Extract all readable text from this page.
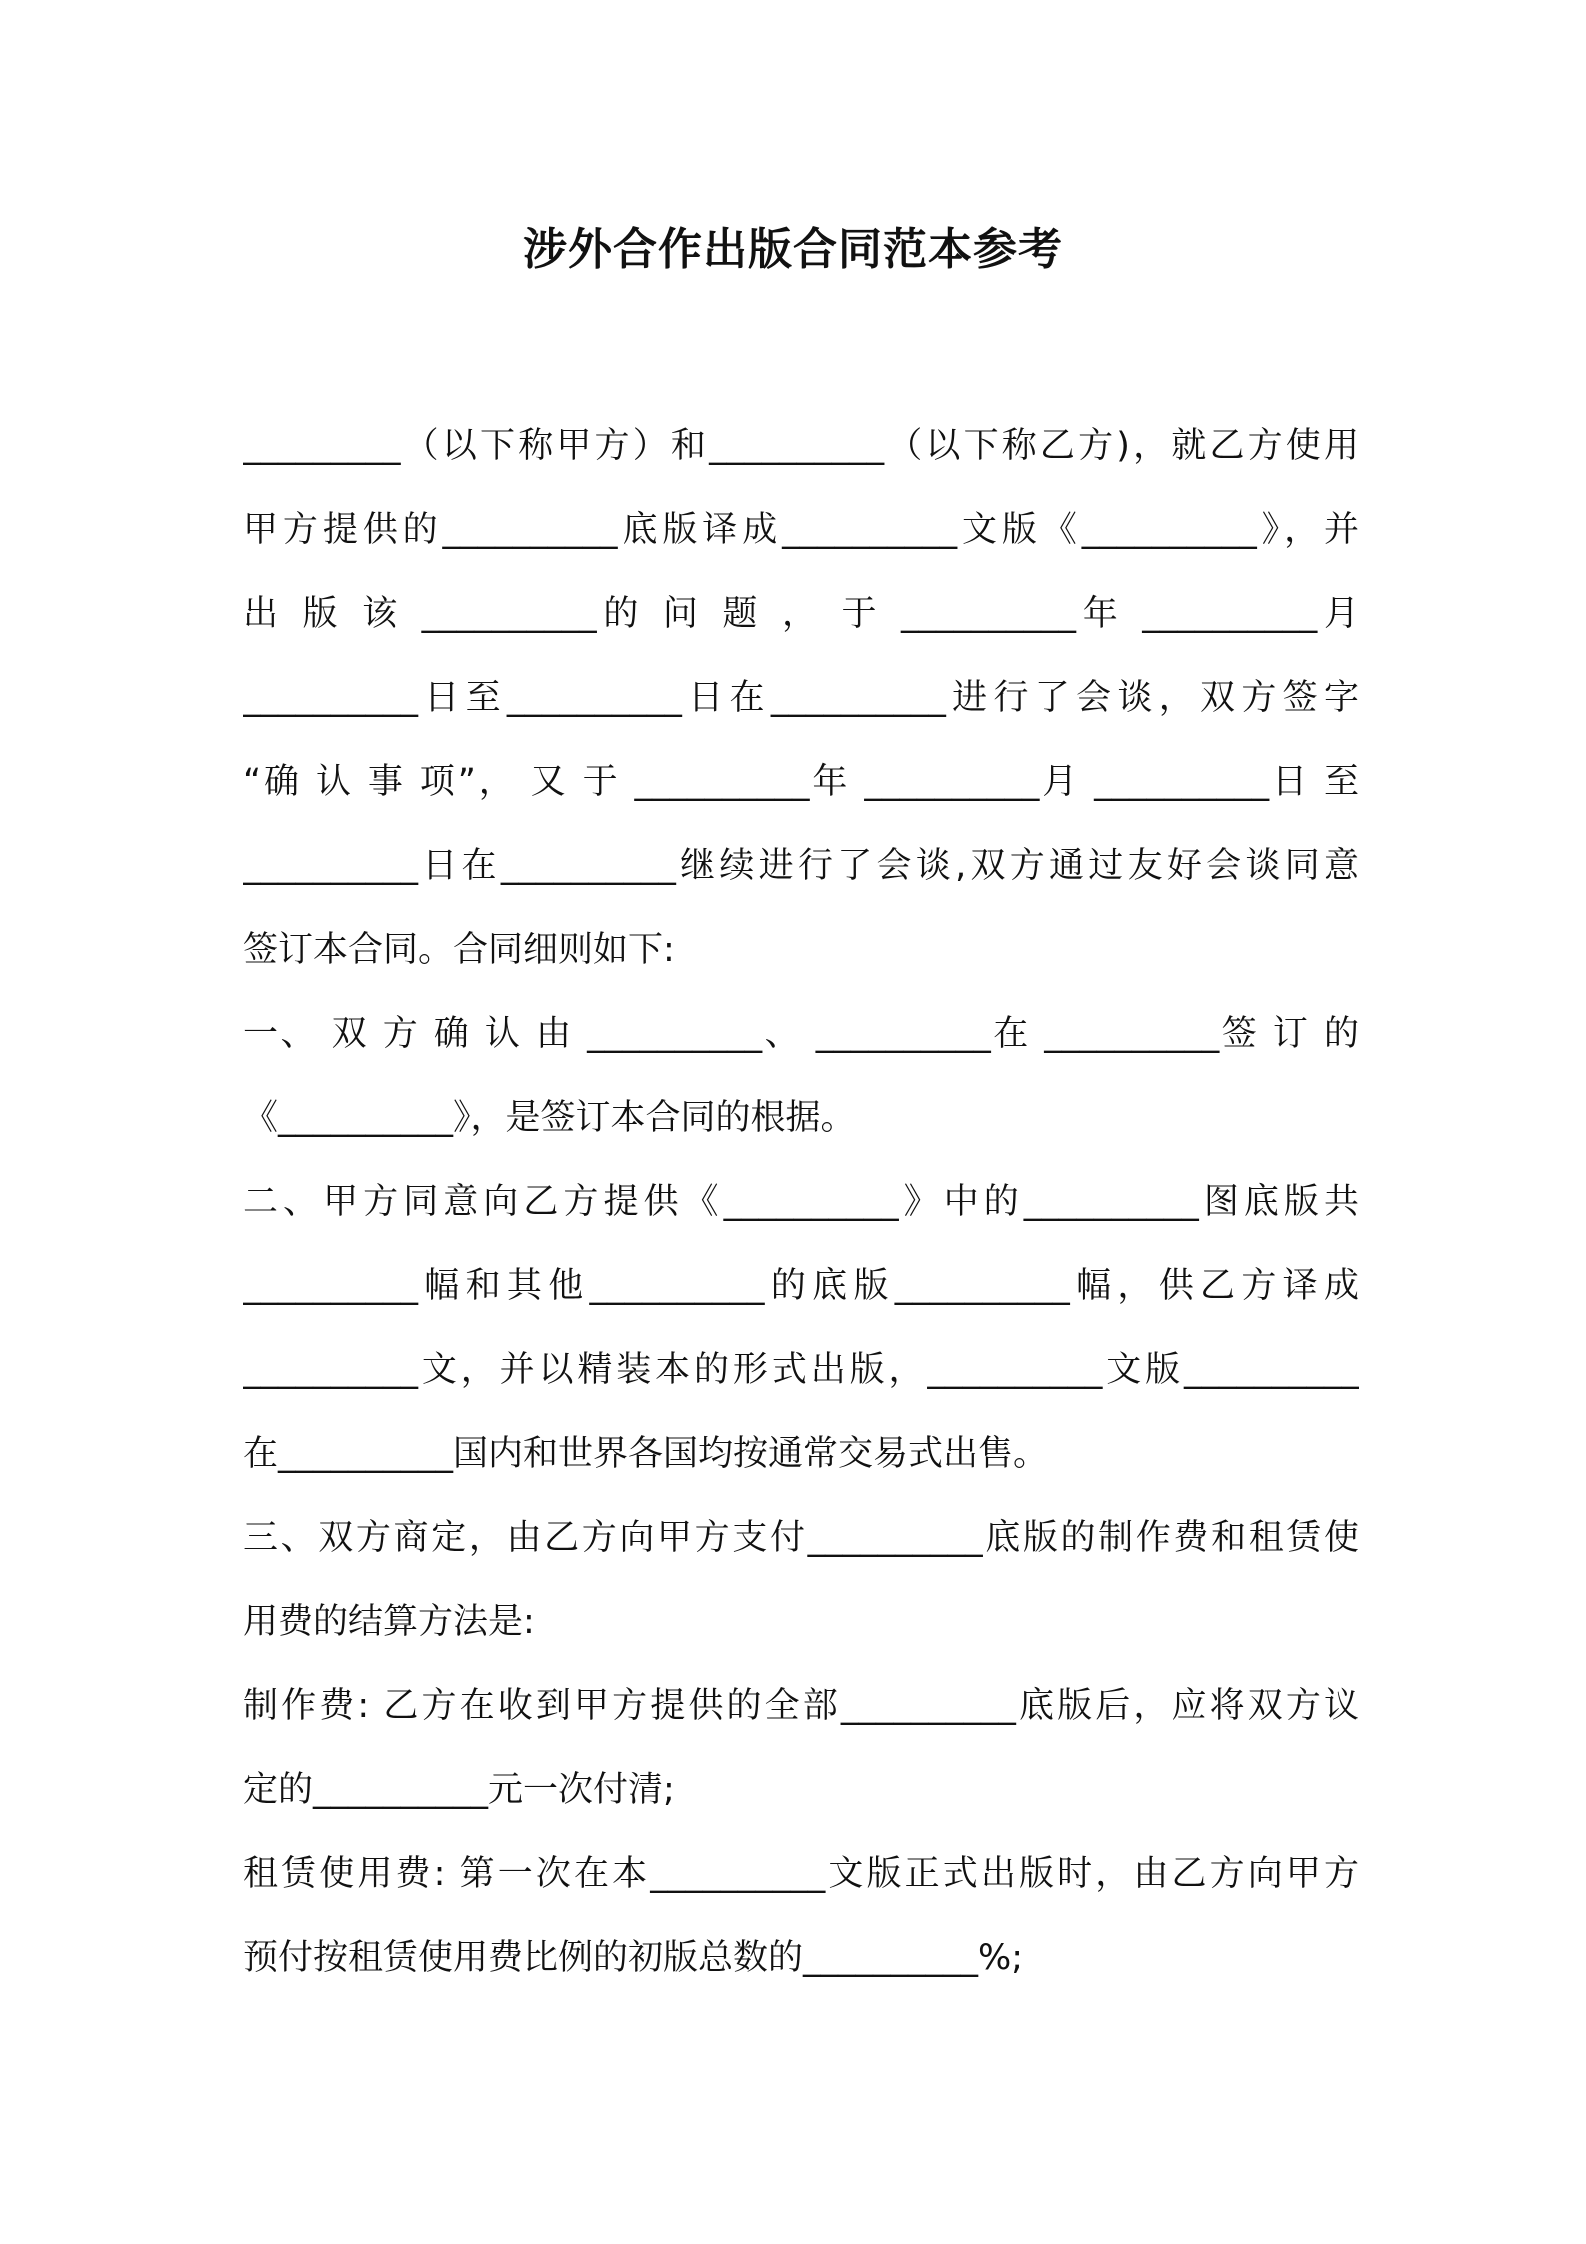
涉外合作出版合同范本参考
_________（以下称甲方）和__________（以下称乙方)，就乙方使用
甲方提供的__________底版译成__________文版《__________》，并
出 版 该 __________的 问 题 ， 于 __________年 __________月
__________日至__________日在__________进行了会谈，双方签字
“确 认 事 项”， 又 于 __________年 __________月 __________日 至
__________日在__________继续进行了会谈,双方通过友好会谈同意
签订本合同。合同细则如下:
一、 双 方 确 认 由 __________、 __________在 __________签 订 的
《__________》，是签订本合同的根据。
二、甲方同意向乙方提供《__________》中的__________图底版共
__________幅和其他__________的底版__________幅，供乙方译成
__________文，并以精装本的形式出版，__________文版__________
在__________国内和世界各国均按通常交易式出售。
三、双方商定，由乙方向甲方支付__________底版的制作费和租赁使
用费的结算方法是:
制作费: 乙方在收到甲方提供的全部__________底版后，应将双方议
定的__________元一次付清;
租赁使用费: 第一次在本__________文版正式出版时，由乙方向甲方
预付按租赁使用费比例的初版总数的__________%;
